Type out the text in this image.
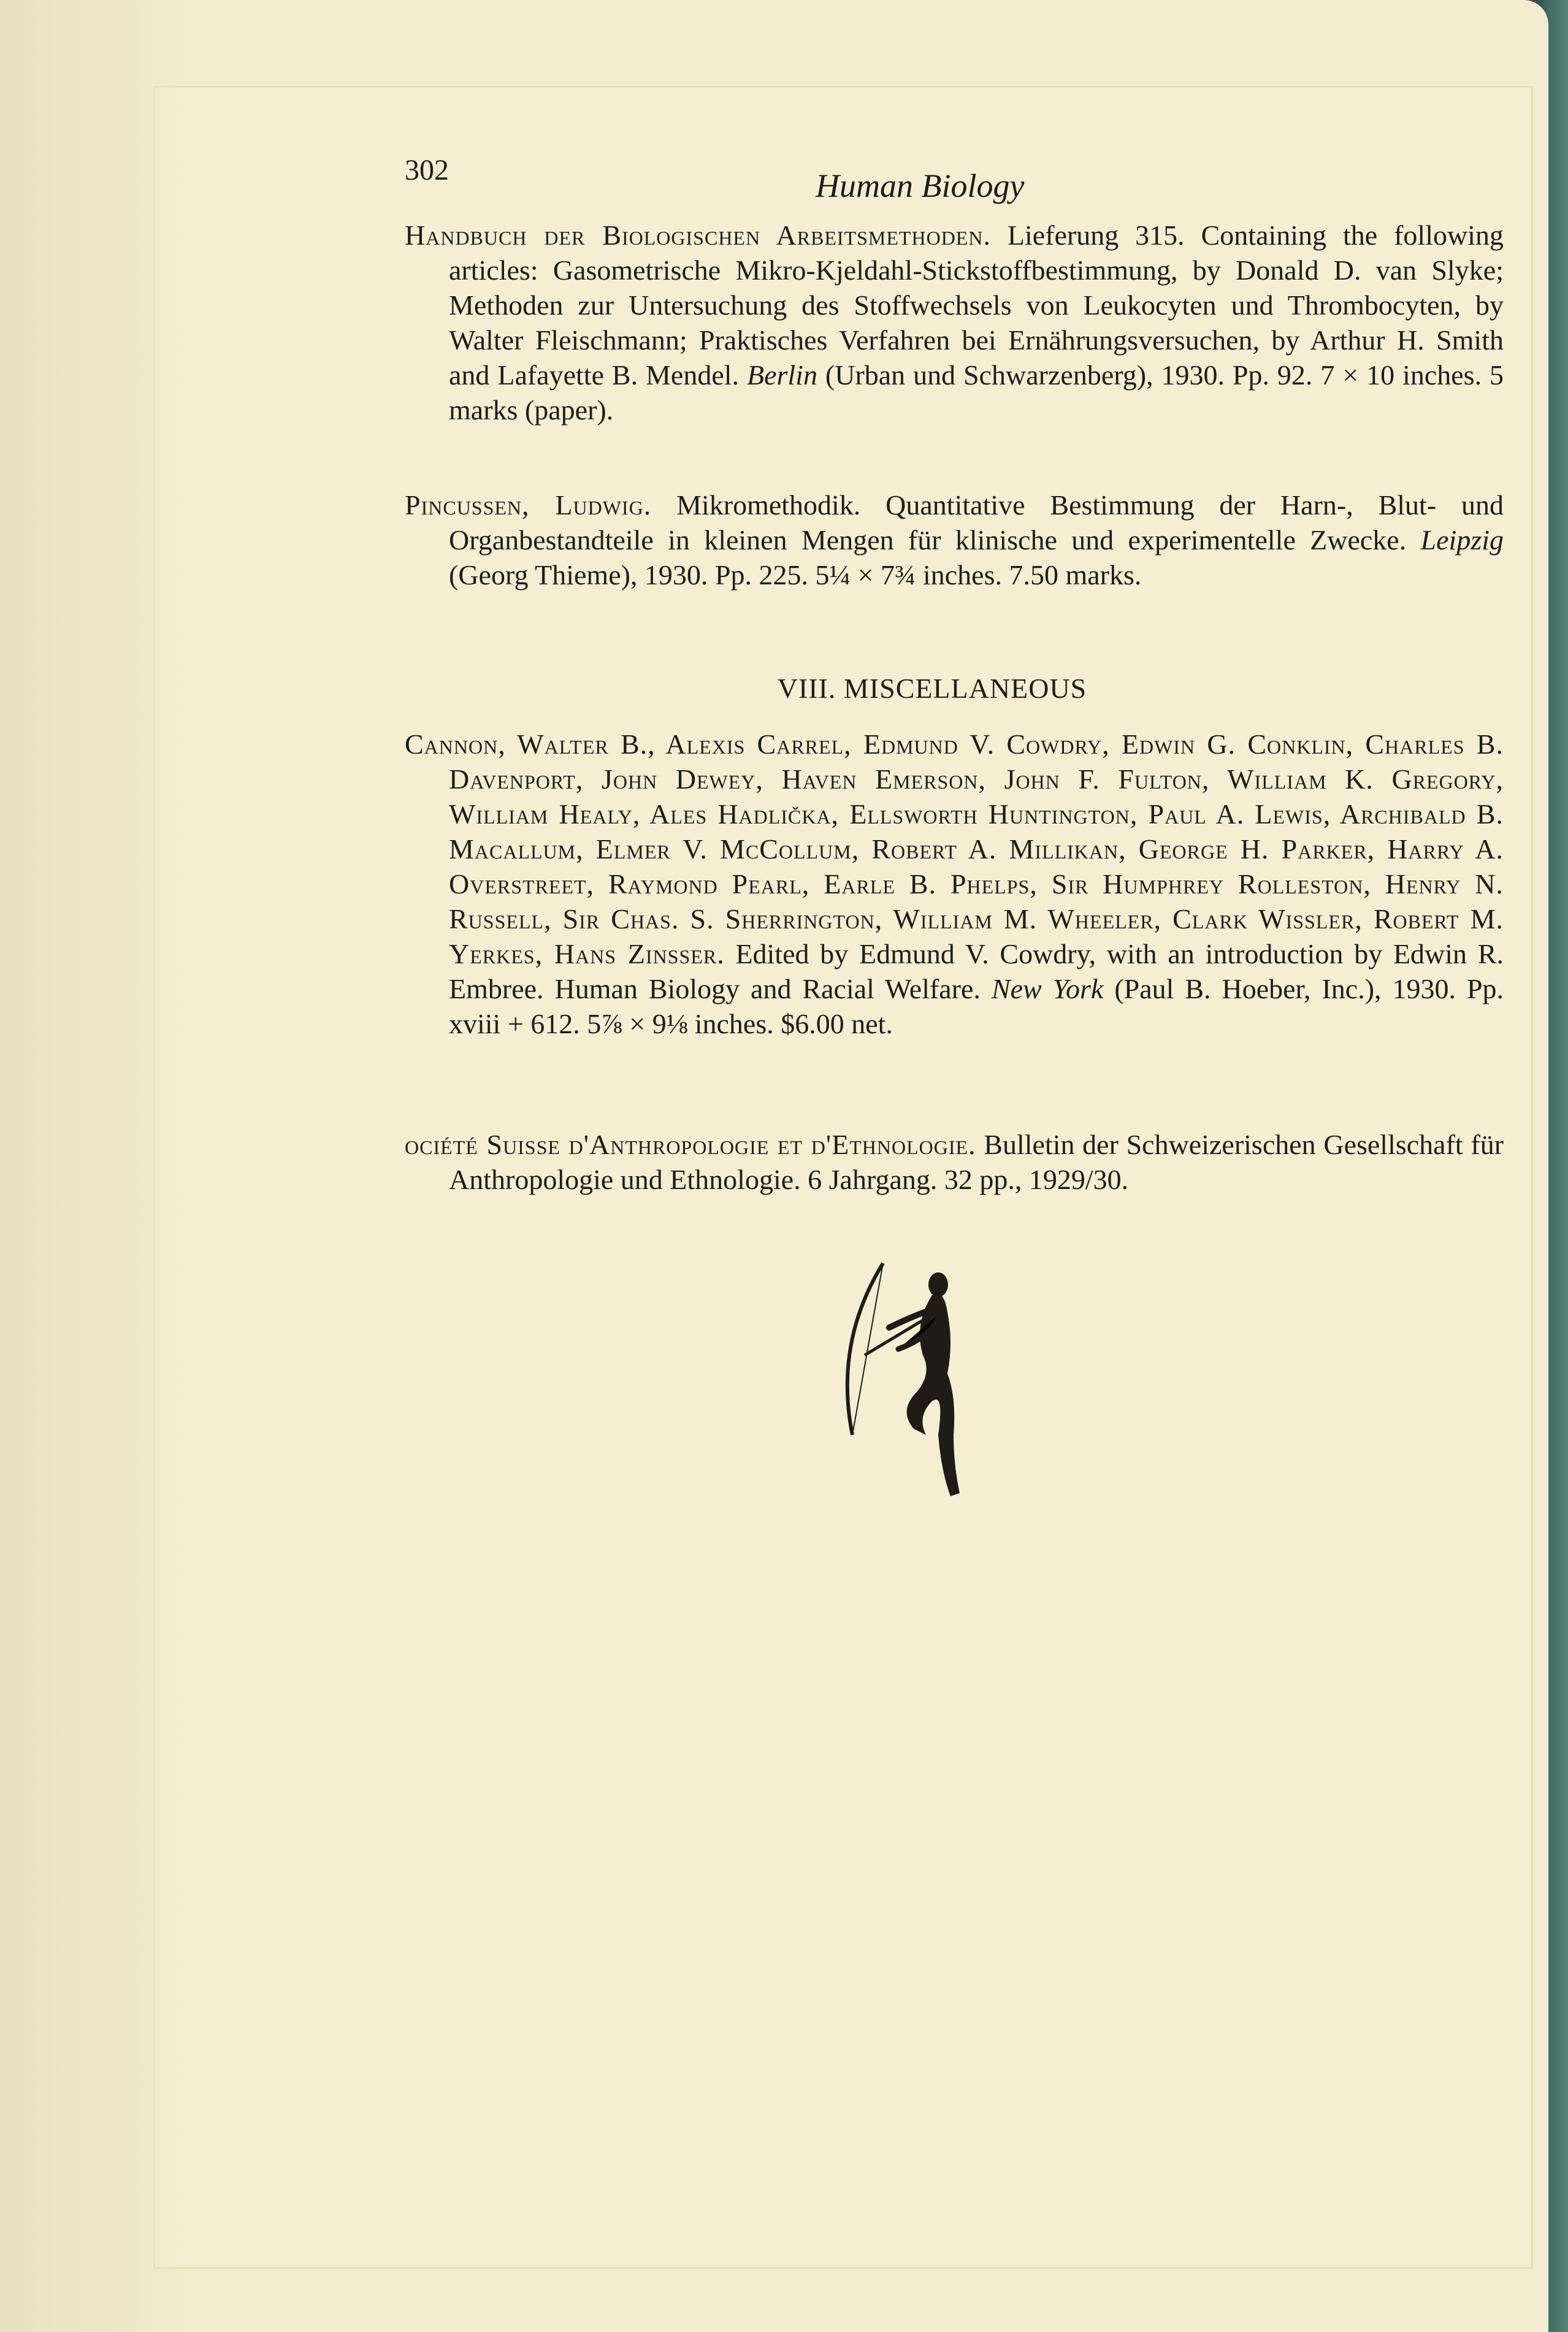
302	Human Biology

Handbuch der Biologischen Arbeitsmethoden. Lieferung 315. Containing the following articles: Gasometrische Mikro-Kjeldahl-Stickstoffbestimmung, by Donald D. van Slyke; Methoden zur Untersuchung des Stoffwechsels von Leukocyten und Thrombocyten, by Walter Fleischmann; Praktisches Verfahren bei Ernährungsversuchen, by Arthur H. Smith and Lafayette B. Mendel. Berlin (Urban und Schwarzenberg), 1930. Pp. 92. 7 × 10 inches. 5 marks (paper).

Pincussen, Ludwig. Mikromethodik. Quantitative Bestimmung der Harn-, Blut- und Organbestandteile in kleinen Mengen für klinische und experimentelle Zwecke. Leipzig (Georg Thieme), 1930. Pp. 225. 5¼ × 7¾ inches. 7.50 marks.

VIII. MISCELLANEOUS

Cannon, Walter B., Alexis Carrel, Edmund V. Cowdry, Edwin G. Conklin, Charles B. Davenport, John Dewey, Haven Emerson, John F. Fulton, William K. Gregory, William Healy, Ales Hadlička, Ellsworth Huntington, Paul A. Lewis, Archibald B. Macallum, Elmer V. McCollum, Robert A. Millikan, George H. Parker, Harry A. Overstreet, Raymond Pearl, Earle B. Phelps, Sir Humphrey Rolleston, Henry N. Russell, Sir Chas. S. Sherrington, William M. Wheeler, Clark Wissler, Robert M. Yerkes, Hans Zinsser. Edited by Edmund V. Cowdry, with an introduction by Edwin R. Embree. Human Biology and Racial Welfare. New York (Paul B. Hoeber, Inc.), 1930. Pp. xviii + 612. 5⅞ × 9⅛ inches. $6.00 net.

ociété Suisse d'Anthropologie et d'Ethnologie. Bulletin der Schweizerischen Gesellschaft für Anthropologie und Ethnologie. 6 Jahrgang. 32 pp., 1929/30.
